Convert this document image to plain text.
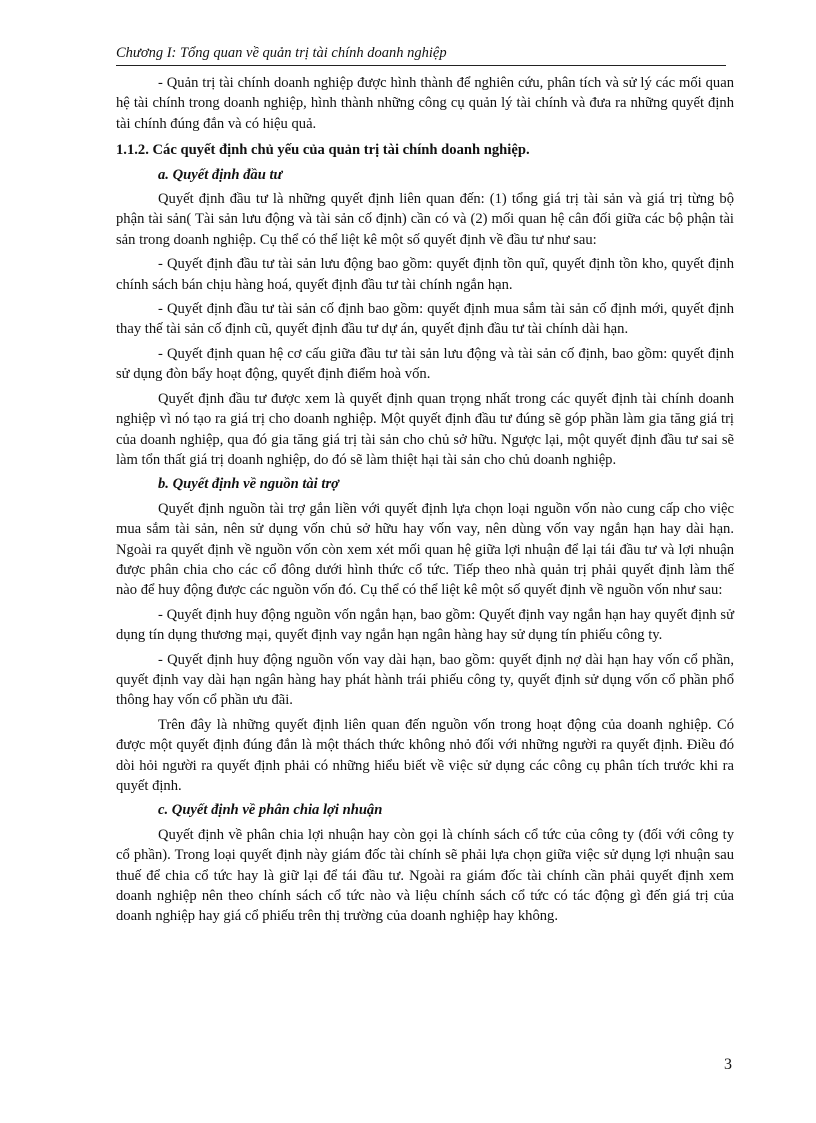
Chương I: Tổng quan về quản trị tài chính doanh nghiệp

- Quản trị tài chính doanh nghiệp được hình thành để nghiên cứu, phân tích và sử lý các mối quan hệ tài chính trong doanh nghiệp, hình thành những công cụ quản lý tài chính và đưa ra những quyết định tài chính đúng đắn và có hiệu quả.

1.1.2. Các quyết định chủ yếu của quản trị tài chính doanh nghiệp.

a. Quyết định đầu tư

Quyết định đầu tư là những quyết định liên quan đến: (1) tổng giá trị tài sản và giá trị từng bộ phận tài sản( Tài sản lưu động và tài sản cố định) cần có và (2) mối quan hệ cân đối giữa các bộ phận tài sản trong doanh nghiệp. Cụ thể có thể liệt kê một số quyết định về đầu tư như sau:

- Quyết định đầu tư tài sản lưu động bao gồm: quyết định tồn quĩ, quyết định tồn kho, quyết định chính sách bán chịu hàng hoá, quyết định đầu tư tài chính ngắn hạn.

- Quyết định đầu tư tài sản cố định bao gồm: quyết định mua sắm tài sản cố định mới, quyết định thay thế tài sản cố định cũ, quyết định đầu tư dự án, quyết định đầu tư tài chính dài hạn.

- Quyết định quan hệ cơ cấu giữa đầu tư tài sản lưu động và tài sản cố định, bao gồm: quyết định sử dụng đòn bẩy hoạt động, quyết định điểm hoà vốn.

Quyết định đầu tư được xem là quyết định quan trọng nhất trong các quyết định tài chính doanh nghiệp vì nó tạo ra giá trị cho doanh nghiệp. Một quyết định đầu tư đúng sẽ góp phần làm gia tăng giá trị của doanh nghiệp, qua đó gia tăng giá trị tài sản cho chủ sở hữu. Ngược lại, một quyết định đầu tư sai sẽ làm tổn thất giá trị doanh nghiệp, do đó sẽ làm thiệt hại tài sản cho chủ doanh nghiệp.

b. Quyết định về nguồn tài trợ

Quyết định nguồn tài trợ gắn liền với quyết định lựa chọn loại nguồn vốn nào cung cấp cho việc mua sắm tài sản, nên sử dụng vốn chủ sở hữu hay vốn vay, nên dùng vốn vay ngắn hạn hay dài hạn. Ngoài ra quyết định về nguồn vốn còn xem xét mối quan hệ giữa lợi nhuận để lại tái đầu tư và lợi nhuận được phân chia cho các cổ đông dưới hình thức cổ tức. Tiếp theo nhà quản trị phải quyết định làm thế nào để huy động được các nguồn vốn đó. Cụ thể có thể liệt kê một số quyết định về nguồn vốn như sau:

- Quyết định huy động nguồn vốn ngắn hạn, bao gồm: Quyết định vay ngắn hạn hay quyết định sử dụng tín dụng thương mại, quyết định vay ngắn hạn ngân hàng hay sử dụng tín phiếu công ty.

- Quyết định huy động nguồn vốn vay dài hạn, bao gồm: quyết định nợ dài hạn hay vốn cổ phần, quyết định vay dài hạn ngân hàng hay phát hành trái phiếu công ty, quyết định sử dụng vốn cổ phần phổ thông hay vốn cổ phần ưu đãi.

Trên đây là những quyết định liên quan đến nguồn vốn trong hoạt động của doanh nghiệp. Có được một quyết định đúng đắn là một thách thức không nhỏ đối với những người ra quyết định. Điều đó dòi hỏi người ra quyết định phải có những hiểu biết về việc sử dụng các công cụ phân tích trước khi ra quyết định.

c. Quyết định về phân chia lợi nhuận

Quyết định về phân chia lợi nhuận hay còn gọi là chính sách cổ tức của công ty (đối với công ty cổ phần). Trong loại quyết định này giám đốc tài chính sẽ phải lựa chọn giữa việc sử dụng lợi nhuận sau thuế để chia cổ tức hay là giữ lại để tái đầu tư. Ngoài ra giám đốc tài chính cần phải quyết định xem doanh nghiệp nên theo chính sách cổ tức nào và liệu chính sách cổ tức có tác động gì đến giá trị của doanh nghiệp hay giá cổ phiếu trên thị trường của doanh nghiệp hay không.

3
